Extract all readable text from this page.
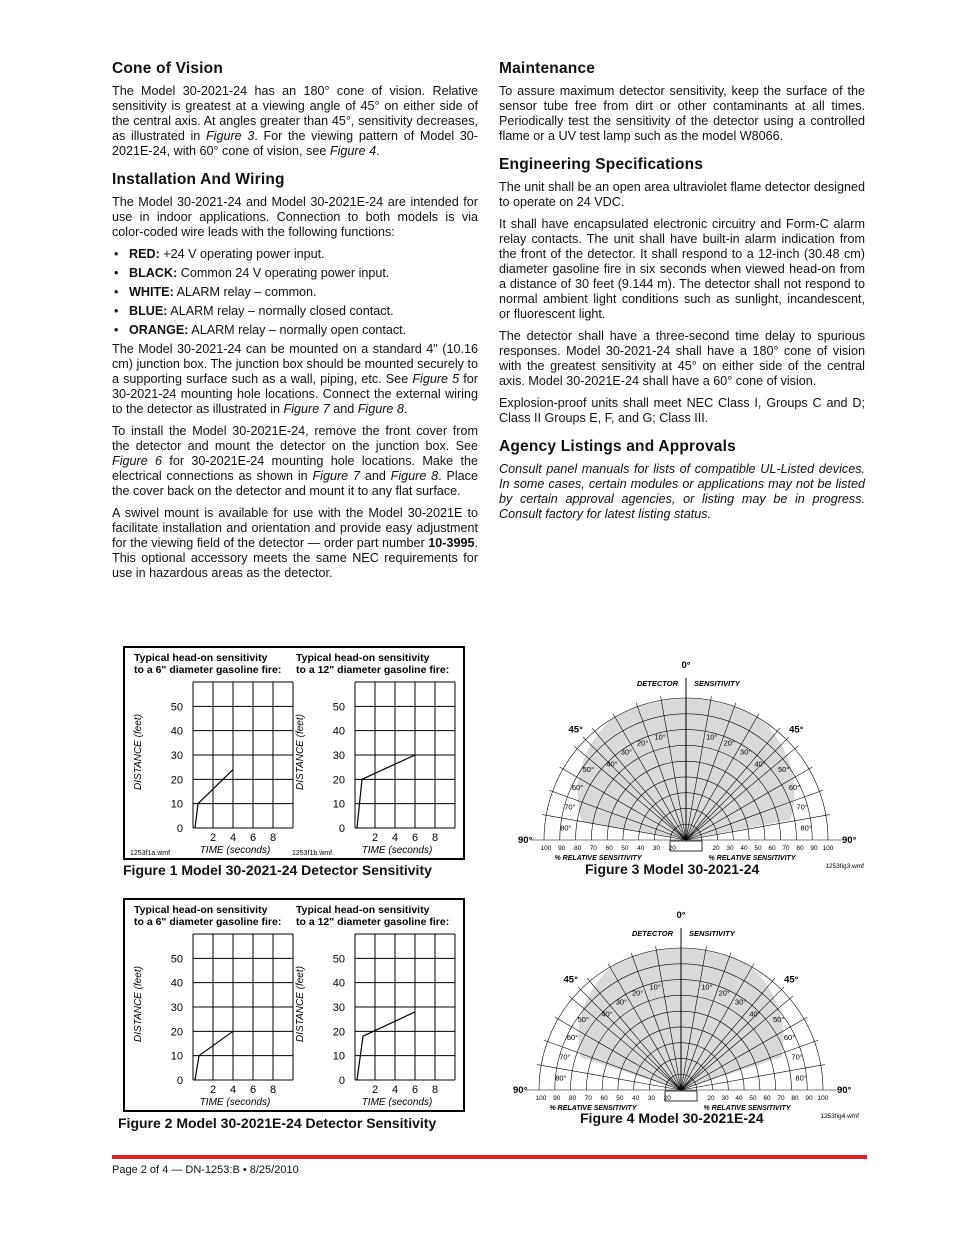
Cone of Vision

The Model 30-2021-24 has an 180° cone of vision. Relative sensitivity is greatest at a viewing angle of 45° on either side of the central axis. At angles greater than 45°, sensitivity decreases, as illustrated in Figure 3. For the viewing pattern of Model 30-2021E-24, with 60° cone of vision, see Figure 4.

Installation And Wiring

The Model 30-2021-24 and Model 30-2021E-24 are intended for use in indoor applications. Connection to both models is via color-coded wire leads with the following functions:

• RED: +24 V operating power input.
• BLACK: Common 24 V operating power input.
• WHITE: ALARM relay – common.
• BLUE: ALARM relay – normally closed contact.
• ORANGE: ALARM relay – normally open contact.

The Model 30-2021-24 can be mounted on a standard 4" (10.16 cm) junction box. The junction box should be mounted securely to a supporting surface such as a wall, piping, etc. See Figure 5 for 30-2021-24 mounting hole locations. Connect the external wiring to the detector as illustrated in Figure 7 and Figure 8.

To install the Model 30-2021E-24, remove the front cover from the detector and mount the detector on the junction box. See Figure 6 for 30-2021E-24 mounting hole locations. Make the electrical connections as shown in Figure 7 and Figure 8. Place the cover back on the detector and mount it to any flat surface.

A swivel mount is available for use with the Model 30-2021E to facilitate installation and orientation and provide easy adjustment for the viewing field of the detector — order part number 10-3995. This optional accessory meets the same NEC requirements for use in hazardous areas as the detector.

Maintenance

To assure maximum detector sensitivity, keep the surface of the sensor tube free from dirt or other contaminants at all times. Periodically test the sensitivity of the detector using a controlled flame or a UV test lamp such as the model W8066.

Engineering Specifications

The unit shall be an open area ultraviolet flame detector designed to operate on 24 VDC.

It shall have encapsulated electronic circuitry and Form-C alarm relay contacts. The unit shall have built-in alarm indication from the front of the detector. It shall respond to a 12-inch (30.48 cm) diameter gasoline fire in six seconds when viewed head-on from a distance of 30 feet (9.144 m). The detector shall not respond to normal ambient light conditions such as sunlight, incandescent, or fluorescent light.

The detector shall have a three-second time delay to spurious responses. Model 30-2021-24 shall have a 180° cone of vision with the greatest sensitivity at 45° on either side of the central axis. Model 30-2021E-24 shall have a 60° cone of vision.

Explosion-proof units shall meet NEC Class I, Groups C and D; Class II Groups E, F, and G; Class III.

Agency Listings and Approvals

Consult panel manuals for lists of compatible UL-Listed devices. In some cases, certain modules or applications may not be listed by certain approval agencies, or listing may be in progress. Consult factory for latest listing status.

Typical head-on sensitivity
to a 6" diameter gasoline fire:
50
40
30
20
10
0
2 4 6 8
DISTANCE (feet)
TIME (seconds)
1253f1a.wmf
Typical head-on sensitivity
to a 12" diameter gasoline fire:
50
40
30
20
10
0
2 4 6 8
DISTANCE (feet)
TIME (seconds)
1253f1b.wmf
Figure 1 Model 30-2021-24 Detector Sensitivity
Typical head-on sensitivity
to a 6" diameter gasoline fire:
50
40
30
20
10
0
2 4 6 8
DISTANCE (feet)
TIME (seconds)
Typical head-on sensitivity
to a 12" diameter gasoline fire:
50
40
30
20
10
0
2 4 6 8
DISTANCE (feet)
TIME (seconds)
Figure 2 Model 30-2021E-24 Detector Sensitivity
80°
70°
60°
50°
45°
40°
30°
20°
10°	10°
20°
30°
40°
45°
50°
60°
70°
80°
90°	90°
0°
DETECTOR SENSITIVITY
100 90 80 70 60 50 40 30 20	20 30 40 50 60 70 80 90 100
% RELATIVE SENSITIVITY	% RELATIVE SENSITIVITY
1253fig3.wmf
Figure 3 Model 30-2021-24
80°
70°
60°
50°
45°
40°
30°
20°
10°	10°
20°
30°
40°
45°
50°
60°
70°
80°
90°	90°
0°
DETECTOR SENSITIVITY
100 90 80 70 60 50 40 30 20	20 30 40 50 60 70 80 90 100
% RELATIVE SENSITIVITY	% RELATIVE SENSITIVITY
1253fig4.wmf
Figure 4 Model 30-2021E-24
Page 2 of 4 — DN-1253:B • 8/25/2010
